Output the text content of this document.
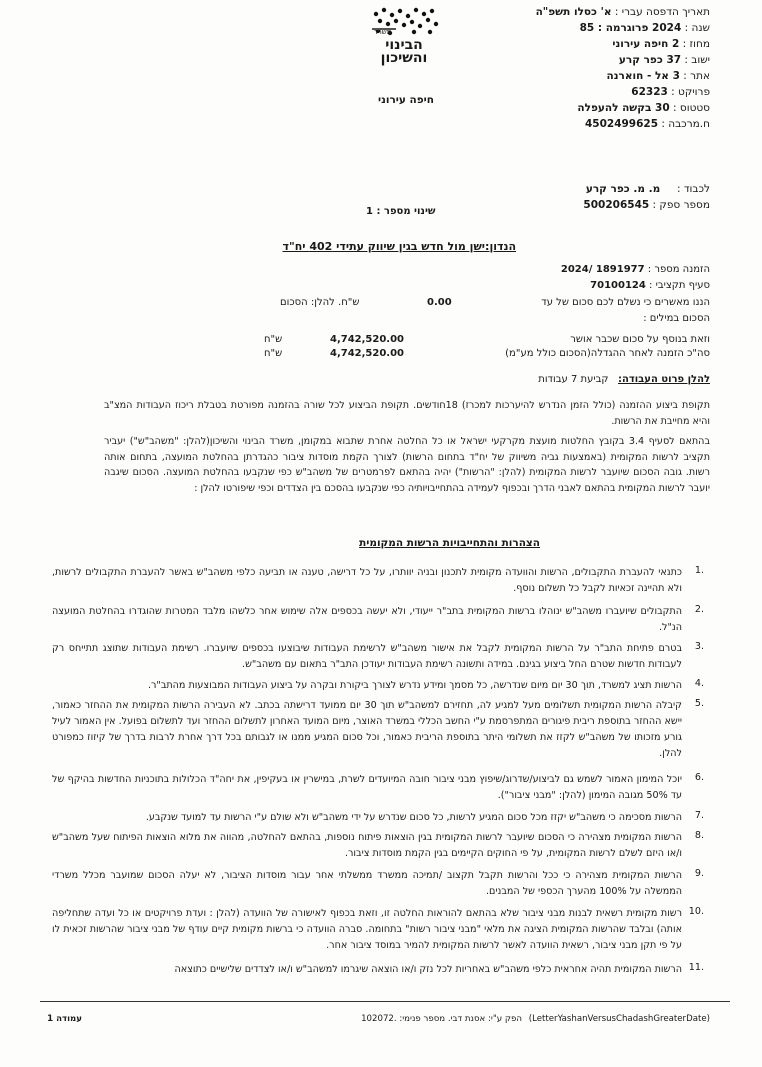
תאריך הדפסה עברי : א' כסלו תשפ"ה
שנה : 2024 פרוגרמה : 85
מחוז : 2 חיפה עירוני
ישוב : 37 כפר קרע
אתר : 3 אל - חוארנה
פרויקט : 62323
סטטוס : 30 בקשה להעפלה
ח.מרכבה : 4502499625
משרד
הבינוי
והשיכון
חיפה עירוני
לכבוד :     מ. מ. כפר קרע
מספר ספק : 500206545
שינוי מספר : 1
הנדון:ישן מול חדש בגין שיווק עתידי 402 יח"ד
הזמנה מספר : 1891977 /2024
סעיף תקציבי : 70100124
הננו מאשרים כי נשלם לכם סכום של עד
0.00
ש"ח. להלן: הסכום
הסכום במילים :
וזאת בנוסף על סכום שכבר אושר
סה"כ הזמנה לאחר ההגדלה(הסכום כולל מע"מ)
4,742,520.00
4,742,520.00
ש"ח
ש"ח
להלן פרוט העבודה:   קביעת 7 עבודות
תקופת ביצוע ההזמנה (כולל הזמן הנדרש להיערכות למכרז) 18חודשים. תקופת הביצוע לכל שורה בהזמנה מפורטת בטבלת ריכוז העבודות המצ"ב והיא מחייבת את הרשות.
בהתאם לסעיף 3.4 בקובץ החלטות מועצת מקרקעי ישראל או כל החלטה אחרת שתבוא במקומן, משרד הבינוי והשיכון(להלן: "משהב"ש") יעביר תקציב לרשות המקומית (באמצעות גביה משיווק של יח"ד בתחום הרשות) לצורך הקמת מוסדות ציבור כהגדרתן בהחלטת המועצה, בתחום אותה רשות. גובה הסכום שיועבר לרשות המקומית (להלן: "הרשות") יהיה בהתאם לפרמטרים של משהב"ש כפי שנקבעו בהחלטת המועצה. הסכום שיגבה יועבר לרשות המקומית בהתאם לאבני הדרך ובכפוף לעמידה בהתחייבויותיה כפי שנקבעו בהסכם בין הצדדים וכפי שיפורטו להלן :
הצהרות והתחייבויות הרשות המקומית
.1
כתנאי להעברת התקבולים, הרשות והוועדה מקומית לתכנון ובניה יוותרו, על כל דרישה, טענה או תביעה כלפי משהב"ש באשר להעברת התקבולים לרשות, ולא תהיינה זכאיות לקבל כל תשלום נוסף.
.2
התקבולים שיועברו משהב"ש ינוהלו ברשות המקומית בתב"ר ייעודי, ולא יעשה בכספים אלה שימוש אחר כלשהו מלבד המטרות שהוגדרו בהחלטת המועצה הנ"ל.
.3
בטרם פתיחת התב"ר על הרשות המקומית לקבל את אישור משהב"ש לרשימת העבודות שיבוצעו בכספים שיועברו. רשימת העבודות שתוצג תתייחס רק לעבודות חדשות שטרם החל ביצוע בגינם. במידה ותשונה רשימת העבודות יעודכן התב"ר בתאום עם משהב"ש.
.4
הרשות תציג למשרד, תוך 30 יום מיום שנדרשה, כל מסמך ומידע נדרש לצורך ביקורת ובקרה על ביצוע העבודות המבוצעות מהתב"ר.
.5
קיבלה הרשות המקומית תשלומים מעל למגיע לה, תחזירם למשהב"ש תוך 30 יום ממועד דרישתה בכתב. לא העבירה הרשות המקומית את ההחזר כאמור, יישא ההחזר בתוספת ריבית פיגורים המתפרסמת ע"י החשב הכללי במשרד האוצר, מיום המועד האחרון לתשלום ההחזר ועד לתשלום בפועל. אין האמור לעיל גורע מזכותו של משהב"ש לקזז את תשלומי היתר בתוספת הריבית כאמור, וכל סכום המגיע ממנו או לגבותם בכל דרך אחרת לרבות בדרך של קיזוז כמפורט להלן.
.6
יוכל המימון האמור לשמש גם לביצוע/שדרוג/שיפוץ מבני ציבור חובה המיועדים לשרת, במישרין או בעקיפין, את יחה"ד הכלולות בתוכניות החדשות בהיקף של עד 50% מגובה המימון (להלן: "מבני ציבור").
.7
הרשות מסכימה כי משהב"ש יקזז מכל סכום המגיע לרשות, כל סכום שנדרש על ידי משהב"ש ולא שולם ע"י הרשות עד למועד שנקבע.
.8
הרשות המקומית מצהירה כי הסכום שיועבר לרשות המקומית בגין הוצאות פיתוח נוספות, בהתאם להחלטה, מהווה את מלוא הוצאות הפיתוח שעל משהב"ש ו/או היזם לשלם לרשות המקומית, על פי החוקים הקיימים בגין הקמת מוסדות ציבור.
.9
הרשות המקומית מצהירה כי ככל והרשות תקבל תקצוב /תמיכה ממשרד ממשלתי אחר עבור מוסדות הציבור, לא יעלה הסכום שמועבר מכלל משרדי הממשלה על 100% מהערך הכספי של המבנים.
.10
רשות מקומית רשאית לבנות מבני ציבור שלא בהתאם להוראות החלטה זו, וזאת בכפוף לאישורה של הוועדה (להלן : ועדת פרויקטים או כל ועדה שתחליפה אותה) ובלבד שהרשות המקומית הציגה את מלאי "מבני ציבור רשות" בתחומה. סברה הוועדה כי ברשות מקומית קיים עודף של מבני ציבור שהרשות זכאית לו על פי תקן מבני ציבור, רשאית הוועדה לאשר לרשות המקומית להמיר במוסד ציבור אחר.
.11
הרשות המקומית תהיה אחראית כלפי משהב"ש באחריות לכל נזק ו/או הוצאה שיגרמו למשהב"ש ו/או לצדדים שלישיים כתוצאה
עמודה 1	הפק ע"י: אסנת דבי. מספר פנימי: .102072 (LetterYashanVersusChadashGreaterDate)
